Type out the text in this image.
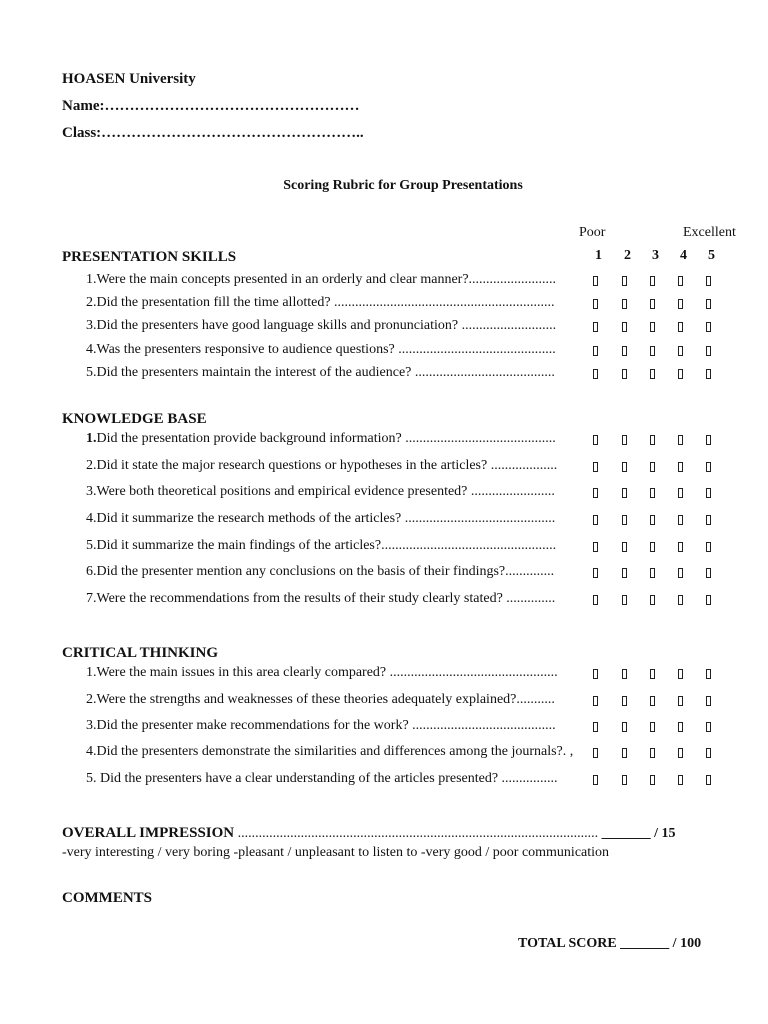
HOASEN University
Name:……………………………………………
Class:……………………………………………..
Scoring Rubric for Group Presentations
Poor	Excellent
1 2 3 4 5
PRESENTATION SKILLS
1.Were the main concepts presented in an orderly and clear manner?.........................
2.Did the presentation fill the time allotted? ...............................................................
3.Did the presenters have good language skills and pronunciation? ...........................
4.Was the presenters responsive to audience questions? .............................................
5.Did the presenters maintain the interest of the audience? ........................................
KNOWLEDGE BASE
1.Did the presentation provide background information? ...........................................
2.Did it state the major research questions or hypotheses in the articles? ...................
3.Were both theoretical positions and empirical evidence presented? ........................
4.Did it summarize the research methods of the articles? ...........................................
5.Did it summarize the main findings of the articles?..................................................
6.Did the presenter mention any conclusions on the basis of their findings?..............
7.Were the recommendations from the results of their study clearly stated? ..............
CRITICAL THINKING
1.Were the main issues in this area clearly compared? ................................................
2.Were the strengths and weaknesses of these theories adequately explained?...........
3.Did the presenter make recommendations for the work? .........................................
4.Did the presenters demonstrate the similarities and differences among the journals?. ,
5. Did the presenters have a clear understanding of the articles presented? ................
OVERALL IMPRESSION ....................................................................................................... _______ / 15
-very interesting / very boring -pleasant / unpleasant to listen to -very good / poor communication
COMMENTS
TOTAL SCORE _______ / 100
